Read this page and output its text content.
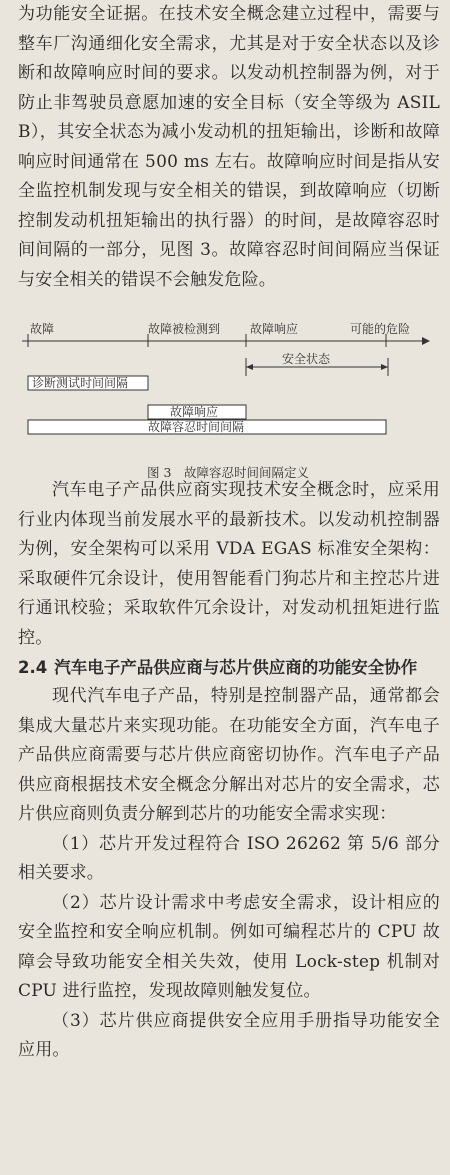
为功能安全证据。在技术安全概念建立过程中，需要与整车厂沟通细化安全需求，尤其是对于安全状态以及诊断和故障响应时间的要求。以发动机控制器为例，对于防止非驾驶员意愿加速的安全目标（安全等级为 ASIL B），其安全状态为减小发动机的扭矩输出，诊断和故障响应时间通常在 500 ms 左右。故障响应时间是指从安全监控机制发现与安全相关的错误，到故障响应（切断控制发动机扭矩输出的执行器）的时间，是故障容忍时间间隔的一部分，见图 3。故障容忍时间间隔应当保证与安全相关的错误不会触发危险。

故障	故障被检测到 故障响应	可能的危险
安全状态
诊断测试时间间隔
故障响应
故障容忍时间间隔
图 3　故障容忍时间间隔定义

汽车电子产品供应商实现技术安全概念时，应采用行业内体现当前发展水平的最新技术。以发动机控制器为例，安全架构可以采用 VDA EGAS 标准安全架构：采取硬件冗余设计，使用智能看门狗芯片和主控芯片进行通讯校验；采取软件冗余设计，对发动机扭矩进行监控。

2.4 汽车电子产品供应商与芯片供应商的功能安全协作

现代汽车电子产品，特别是控制器产品，通常都会集成大量芯片来实现功能。在功能安全方面，汽车电子产品供应商需要与芯片供应商密切协作。汽车电子产品供应商根据技术安全概念分解出对芯片的安全需求，芯片供应商则负责分解到芯片的功能安全需求实现：

（1）芯片开发过程符合 ISO 26262 第 5/6 部分相关要求。

（2）芯片设计需求中考虑安全需求，设计相应的安全监控和安全响应机制。例如可编程芯片的 CPU 故障会导致功能安全相关失效，使用 Lock-step 机制对 CPU 进行监控，发现故障则触发复位。

（3）芯片供应商提供安全应用手册指导功能安全应用。
